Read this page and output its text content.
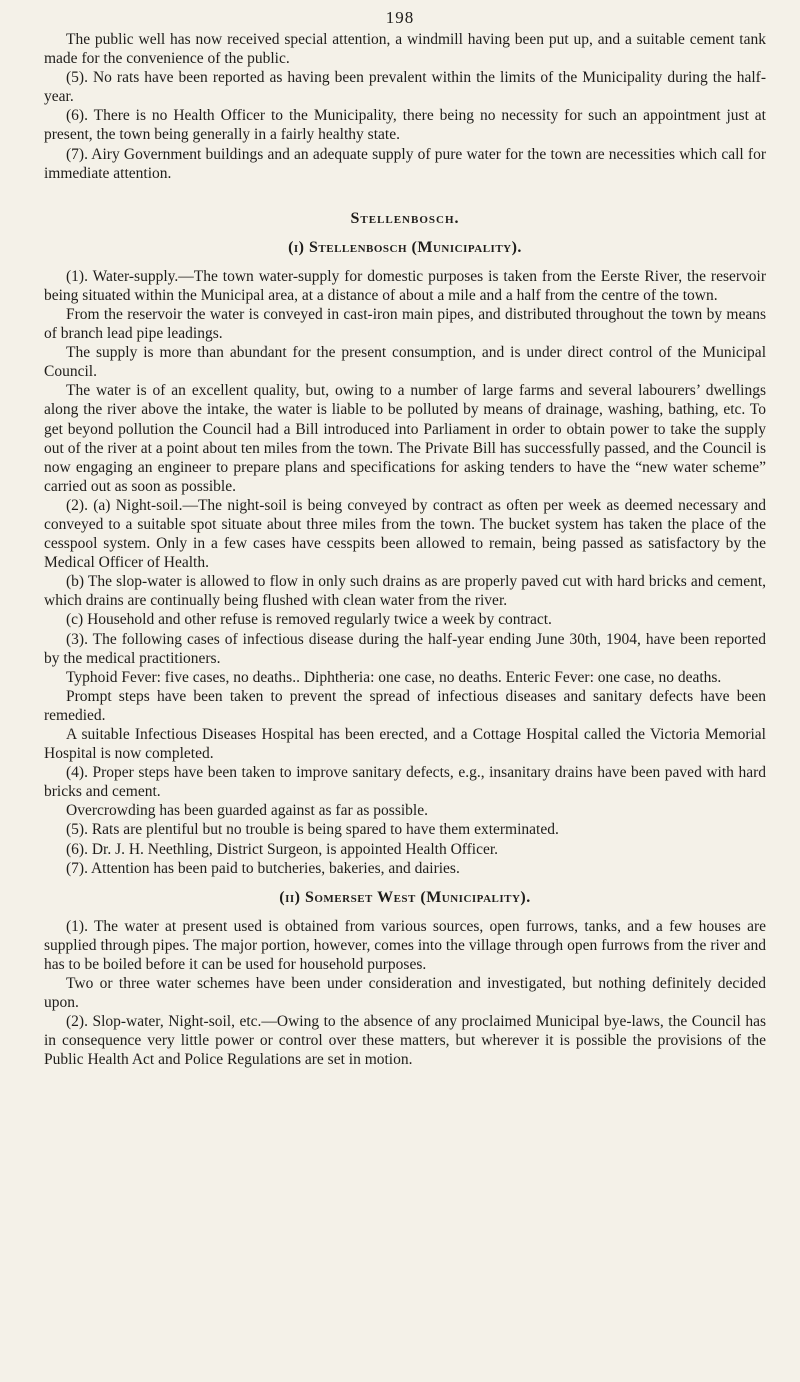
198

The public well has now received special attention, a windmill having been put up, and a suitable cement tank made for the convenience of the public.

(5). No rats have been reported as having been prevalent within the limits of the Municipality during the half-year.

(6). There is no Health Officer to the Municipality, there being no necessity for such an appointment just at present, the town being generally in a fairly healthy state.

(7). Airy Government buildings and an adequate supply of pure water for the town are necessities which call for immediate attention.

Stellenbosch.
(i) Stellenbosch (Municipality).

(1). Water-supply.—The town water-supply for domestic purposes is taken from the Eerste River, the reservoir being situated within the Municipal area, at a distance of about a mile and a half from the centre of the town.

From the reservoir the water is conveyed in cast-iron main pipes, and distributed throughout the town by means of branch lead pipe leadings.

The supply is more than abundant for the present consumption, and is under direct control of the Municipal Council.

The water is of an excellent quality, but, owing to a number of large farms and several labourers’ dwellings along the river above the intake, the water is liable to be polluted by means of drainage, washing, bathing, etc. To get beyond pollution the Council had a Bill introduced into Parliament in order to obtain power to take the supply out of the river at a point about ten miles from the town. The Private Bill has successfully passed, and the Council is now engaging an engineer to prepare plans and specifications for asking tenders to have the “new water scheme” carried out as soon as possible.

(2). (a) Night-soil.—The night-soil is being conveyed by contract as often per week as deemed necessary and conveyed to a suitable spot situate about three miles from the town. The bucket system has taken the place of the cesspool system. Only in a few cases have cesspits been allowed to remain, being passed as satisfactory by the Medical Officer of Health.

(b) The slop-water is allowed to flow in only such drains as are properly paved cut with hard bricks and cement, which drains are continually being flushed with clean water from the river.

(c) Household and other refuse is removed regularly twice a week by contract.

(3). The following cases of infectious disease during the half-year ending June 30th, 1904, have been reported by the medical practitioners.

Typhoid Fever: five cases, no deaths.. Diphtheria: one case, no deaths. Enteric Fever: one case, no deaths.

Prompt steps have been taken to prevent the spread of infectious diseases and sanitary defects have been remedied.

A suitable Infectious Diseases Hospital has been erected, and a Cottage Hospital called the Victoria Memorial Hospital is now completed.

(4). Proper steps have been taken to improve sanitary defects, e.g., insanitary drains have been paved with hard bricks and cement.

Overcrowding has been guarded against as far as possible.

(5). Rats are plentiful but no trouble is being spared to have them exterminated.

(6). Dr. J. H. Neethling, District Surgeon, is appointed Health Officer.

(7). Attention has been paid to butcheries, bakeries, and dairies.

(ii) Somerset West (Municipality).

(1). The water at present used is obtained from various sources, open furrows, tanks, and a few houses are supplied through pipes. The major portion, however, comes into the village through open furrows from the river and has to be boiled before it can be used for household purposes.

Two or three water schemes have been under consideration and investigated, but nothing definitely decided upon.

(2). Slop-water, Night-soil, etc.—Owing to the absence of any proclaimed Municipal bye-laws, the Council has in consequence very little power or control over these matters, but wherever it is possible the provisions of the Public Health Act and Police Regulations are set in motion.
